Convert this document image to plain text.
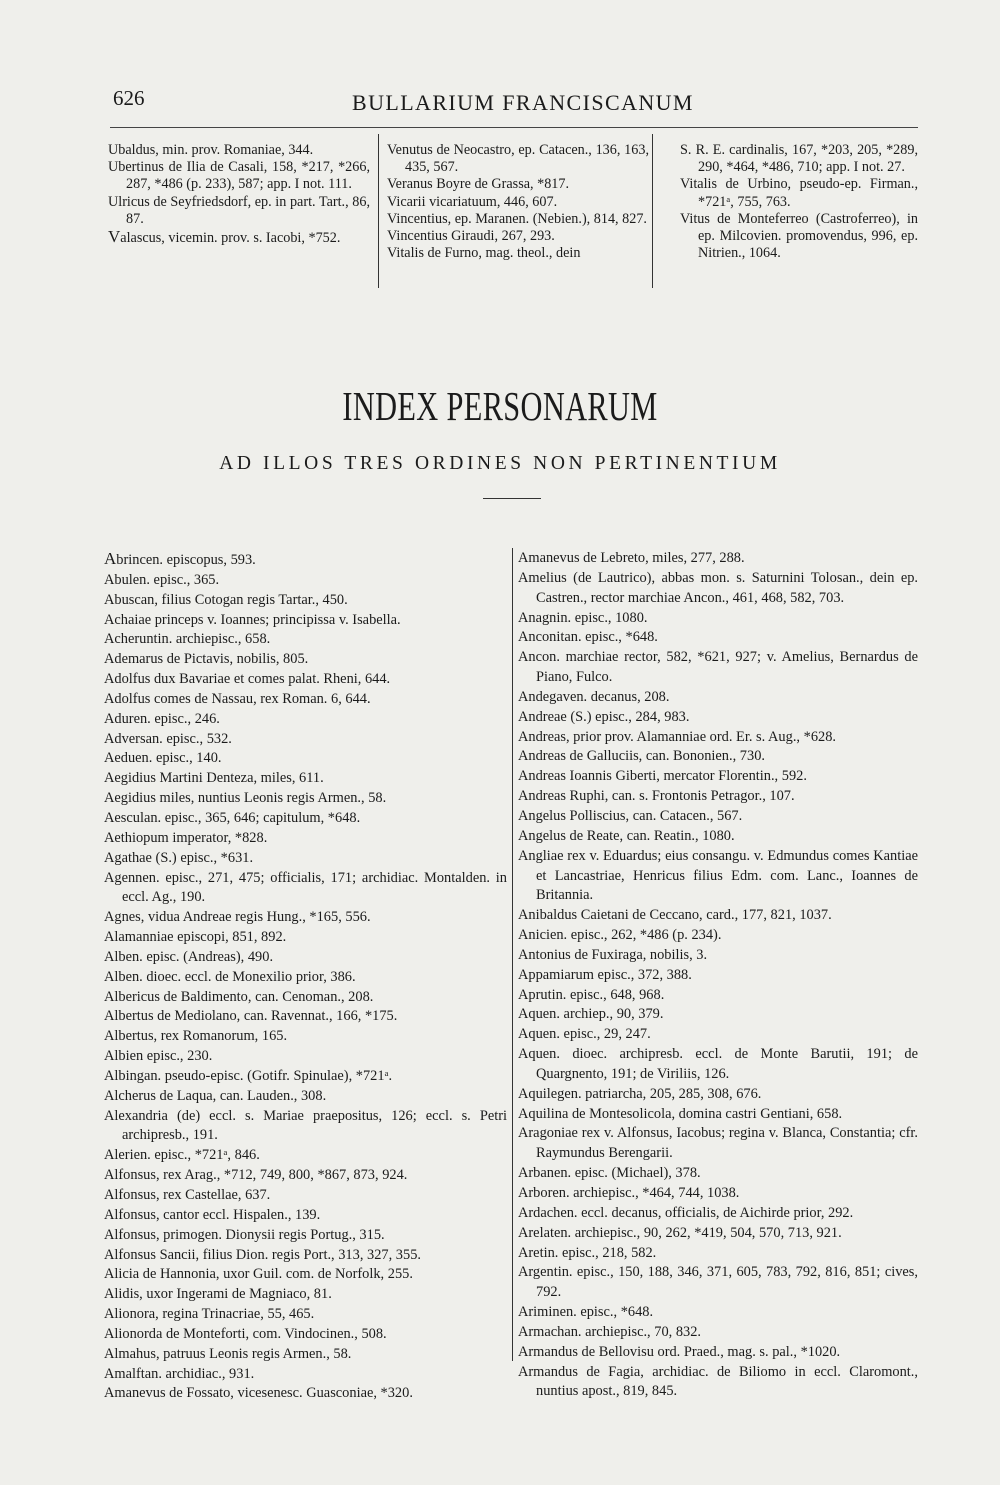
626	BULLARIUM FRANCISCANUM
Ubaldus, min. prov. Romaniae, 344.
Ubertinus de Ilia de Casali, 158, *217, *266, 287, *486 (p. 233), 587; app. I not. 111.
Ulricus de Seyfriedsdorf, ep. in part. Tart., 86, 87.
Valascus, vicemin. prov. s. Iacobi, *752.
Venutus de Neocastro, ep. Catacen., 136, 163, 435, 567.
Veranus Boyre de Grassa, *817.
Vicarii vicariatuum, 446, 607.
Vincentius, ep. Maranen. (Nebien.), 814, 827.
Vincentius Giraudi, 267, 293.
Vitalis de Furno, mag. theol., dein
S. R. E. cardinalis, 167, *203, 205, *289, 290, *464, *486, 710; app. I not. 27.
Vitalis de Urbino, pseudo-ep. Firman., *721ᵃ, 755, 763.
Vitus de Monteferreo (Castroferreo), in ep. Milcovien. promovendus, 996, ep. Nitrien., 1064.
INDEX PERSONARUM
AD ILLOS TRES ORDINES NON PERTINENTIUM
Abrincen. episcopus, 593.
Abulen. episc., 365.
Abuscan, filius Cotogan regis Tartar., 450.
Achaiae princeps v. Ioannes; principissa v. Isabella.
Acheruntin. archiepisc., 658.
Ademarus de Pictavis, nobilis, 805.
Adolfus dux Bavariae et comes palat. Rheni, 644.
Adolfus comes de Nassau, rex Roman. 6, 644.
Aduren. episc., 246.
Adversan. episc., 532.
Aeduen. episc., 140.
Aegidius Martini Denteza, miles, 611.
Aegidius miles, nuntius Leonis regis Armen., 58.
Aesculan. episc., 365, 646; capitulum, *648.
Aethiopum imperator, *828.
Agathae (S.) episc., *631.
Agennen. episc., 271, 475; officialis, 171; archidiac. Montalden. in eccl. Ag., 190.
Agnes, vidua Andreae regis Hung., *165, 556.
Alamanniae episcopi, 851, 892.
Alben. episc. (Andreas), 490.
Alben. dioec. eccl. de Monexilio prior, 386.
Albericus de Baldimento, can. Cenoman., 208.
Albertus de Mediolano, can. Ravennat., 166, *175.
Albertus, rex Romanorum, 165.
Albien episc., 230.
Albingan. pseudo-episc. (Gotifr. Spinulae), *721ᵃ.
Alcherus de Laqua, can. Lauden., 308.
Alexandria (de) eccl. s. Mariae praepositus, 126; eccl. s. Petri archipresb., 191.
Alerien. episc., *721ᵃ, 846.
Alfonsus, rex Arag., *712, 749, 800, *867, 873, 924.
Alfonsus, rex Castellae, 637.
Alfonsus, cantor eccl. Hispalen., 139.
Alfonsus, primogen. Dionysii regis Portug., 315.
Alfonsus Sancii, filius Dion. regis Port., 313, 327, 355.
Alicia de Hannonia, uxor Guil. com. de Norfolk, 255.
Alidis, uxor Ingerami de Magniaco, 81.
Alionora, regina Trinacriae, 55, 465.
Alionorda de Monteforti, com. Vindocinen., 508.
Almahus, patruus Leonis regis Armen., 58.
Amalftan. archidiac., 931.
Amanevus de Fossato, vicesenesc. Guasconiae, *320.
Amanevus de Lebreto, miles, 277, 288.
Amelius (de Lautrico), abbas mon. s. Saturnini Tolosan., dein ep. Castren., rector marchiae Ancon., 461, 468, 582, 703.
Anagnin. episc., 1080.
Anconitan. episc., *648.
Ancon. marchiae rector, 582, *621, 927; v. Amelius, Bernardus de Piano, Fulco.
Andegaven. decanus, 208.
Andreae (S.) episc., 284, 983.
Andreas, prior prov. Alamanniae ord. Er. s. Aug., *628.
Andreas de Galluciis, can. Bononien., 730.
Andreas Ioannis Giberti, mercator Florentin., 592.
Andreas Ruphi, can. s. Frontonis Petragor., 107.
Angelus Polliscius, can. Catacen., 567.
Angelus de Reate, can. Reatin., 1080.
Angliae rex v. Eduardus; eius consangu. v. Edmundus comes Kantiae et Lancastriae, Henricus filius Edm. com. Lanc., Ioannes de Britannia.
Anibaldus Caietani de Ceccano, card., 177, 821, 1037.
Anicien. episc., 262, *486 (p. 234).
Antonius de Fuxiraga, nobilis, 3.
Appamiarum episc., 372, 388.
Aprutin. episc., 648, 968.
Aquen. archiep., 90, 379.
Aquen. episc., 29, 247.
Aquen. dioec. archipresb. eccl. de Monte Barutii, 191; de Quargnento, 191; de Viriliis, 126.
Aquilegen. patriarcha, 205, 285, 308, 676.
Aquilina de Montesolicola, domina castri Gentiani, 658.
Aragoniae rex v. Alfonsus, Iacobus; regina v. Blanca, Constantia; cfr. Raymundus Berengarii.
Arbanen. episc. (Michael), 378.
Arboren. archiepisc., *464, 744, 1038.
Ardachen. eccl. decanus, officialis, de Aichirde prior, 292.
Arelaten. archiepisc., 90, 262, *419, 504, 570, 713, 921.
Aretin. episc., 218, 582.
Argentin. episc., 150, 188, 346, 371, 605, 783, 792, 816, 851; cives, 792.
Ariminen. episc., *648.
Armachan. archiepisc., 70, 832.
Armandus de Bellovisu ord. Praed., mag. s. pal., *1020.
Armandus de Fagia, archidiac. de Biliomo in eccl. Claromont., nuntius apost., 819, 845.
